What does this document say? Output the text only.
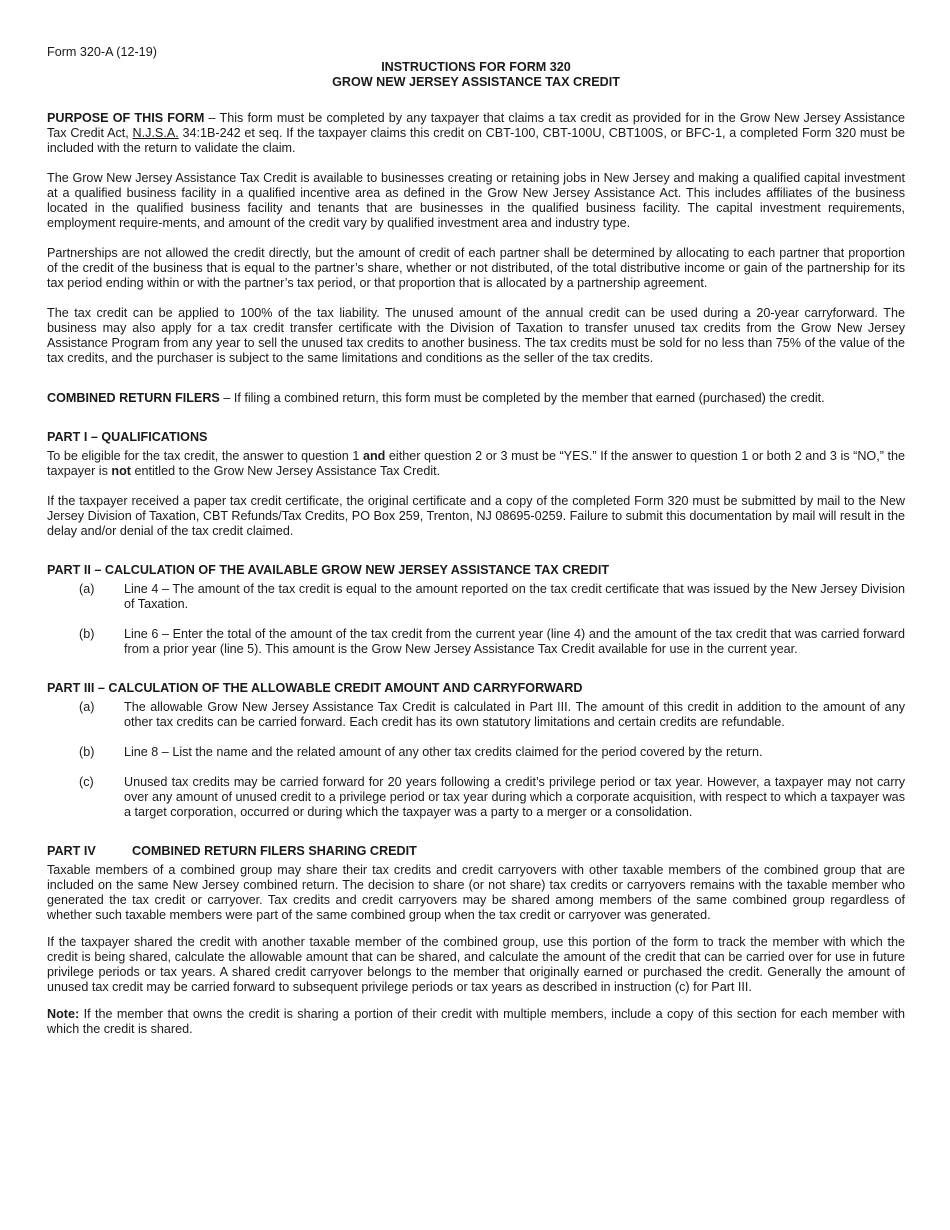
Form 320-A (12-19)
INSTRUCTIONS FOR FORM 320
GROW NEW JERSEY ASSISTANCE TAX CREDIT

PURPOSE OF THIS FORM – This form must be completed by any taxpayer that claims a tax credit as provided for in the Grow New Jersey Assistance Tax Credit Act, N.J.S.A. 34:1B-242 et seq. If the taxpayer claims this credit on CBT-100, CBT-100U, CBT100S, or BFC-1, a completed Form 320 must be included with the return to validate the claim.

The Grow New Jersey Assistance Tax Credit is available to businesses creating or retaining jobs in New Jersey and making a qualified capital investment at a qualified business facility in a qualified incentive area as defined in the Grow New Jersey Assistance Act. This includes affiliates of the business located in the qualified business facility and tenants that are businesses in the qualified business facility. The capital investment requirements, employment require-ments, and amount of the credit vary by qualified investment area and industry type.

Partnerships are not allowed the credit directly, but the amount of credit of each partner shall be determined by allocating to each partner that proportion of the credit of the business that is equal to the partner’s share, whether or not distributed, of the total distributive income or gain of the partnership for its tax period ending within or with the partner’s tax period, or that proportion that is allocated by a partnership agreement.

The tax credit can be applied to 100% of the tax liability. The unused amount of the annual credit can be used during a 20-year carryforward. The business may also apply for a tax credit transfer certificate with the Division of Taxation to transfer unused tax credits from the Grow New Jersey Assistance Program from any year to sell the unused tax credits to another business. The tax credits must be sold for no less than 75% of the value of the tax credits, and the purchaser is subject to the same limitations and conditions as the seller of the tax credits.

COMBINED RETURN FILERS – If filing a combined return, this form must be completed by the member that earned (purchased) the credit.

PART I – QUALIFICATIONS

To be eligible for the tax credit, the answer to question 1 and either question 2 or 3 must be “YES.” If the answer to question 1 or both 2 and 3 is “NO,” the taxpayer is not entitled to the Grow New Jersey Assistance Tax Credit.

If the taxpayer received a paper tax credit certificate, the original certificate and a copy of the completed Form 320 must be submitted by mail to the New Jersey Division of Taxation, CBT Refunds/Tax Credits, PO Box 259, Trenton, NJ 08695-0259. Failure to submit this documentation by mail will result in the delay and/or denial of the tax credit claimed.

PART II – CALCULATION OF THE AVAILABLE GROW NEW JERSEY ASSISTANCE TAX CREDIT
(a)	Line 4 – The amount of the tax credit is equal to the amount reported on the tax credit certificate that was issued by the New Jersey Division of Taxation.
(b)	Line 6 – Enter the total of the amount of the tax credit from the current year (line 4) and the amount of the tax credit that was carried forward from a prior year (line 5). This amount is the Grow New Jersey Assistance Tax Credit available for use in the current year.
PART III – CALCULATION OF THE ALLOWABLE CREDIT AMOUNT AND CARRYFORWARD
(a)	The allowable Grow New Jersey Assistance Tax Credit is calculated in Part III. The amount of this credit in addition to the amount of any other tax credits can be carried forward. Each credit has its own statutory limitations and certain credits are refundable.
(b)	Line 8 – List the name and the related amount of any other tax credits claimed for the period covered by the return.
(c)	Unused tax credits may be carried forward for 20 years following a credit’s privilege period or tax year. However, a taxpayer may not carry over any amount of unused credit to a privilege period or tax year during which a corporate acquisition, with respect to which a taxpayer was a target corporation, occurred or during which the taxpayer was a party to a merger or a consolidation.
PART IV	COMBINED RETURN FILERS SHARING CREDIT

Taxable members of a combined group may share their tax credits and credit carryovers with other taxable members of the combined group that are included on the same New Jersey combined return. The decision to share (or not share) tax credits or carryovers remains with the taxable member who generated the tax credit or carryover. Tax credits and credit carryovers may be shared among members of the same combined group regardless of whether such taxable members were part of the same combined group when the tax credit or carryover was generated.

If the taxpayer shared the credit with another taxable member of the combined group, use this portion of the form to track the member with which the credit is being shared, calculate the allowable amount that can be shared, and calculate the amount of the credit that can be carried over for use in future privilege periods or tax years. A shared credit carryover belongs to the member that originally earned or purchased the credit. Generally the amount of unused tax credit may be carried forward to subsequent privilege periods or tax years as described in instruction (c) for Part III.

Note: If the member that owns the credit is sharing a portion of their credit with multiple members, include a copy of this section for each member with which the credit is shared.
